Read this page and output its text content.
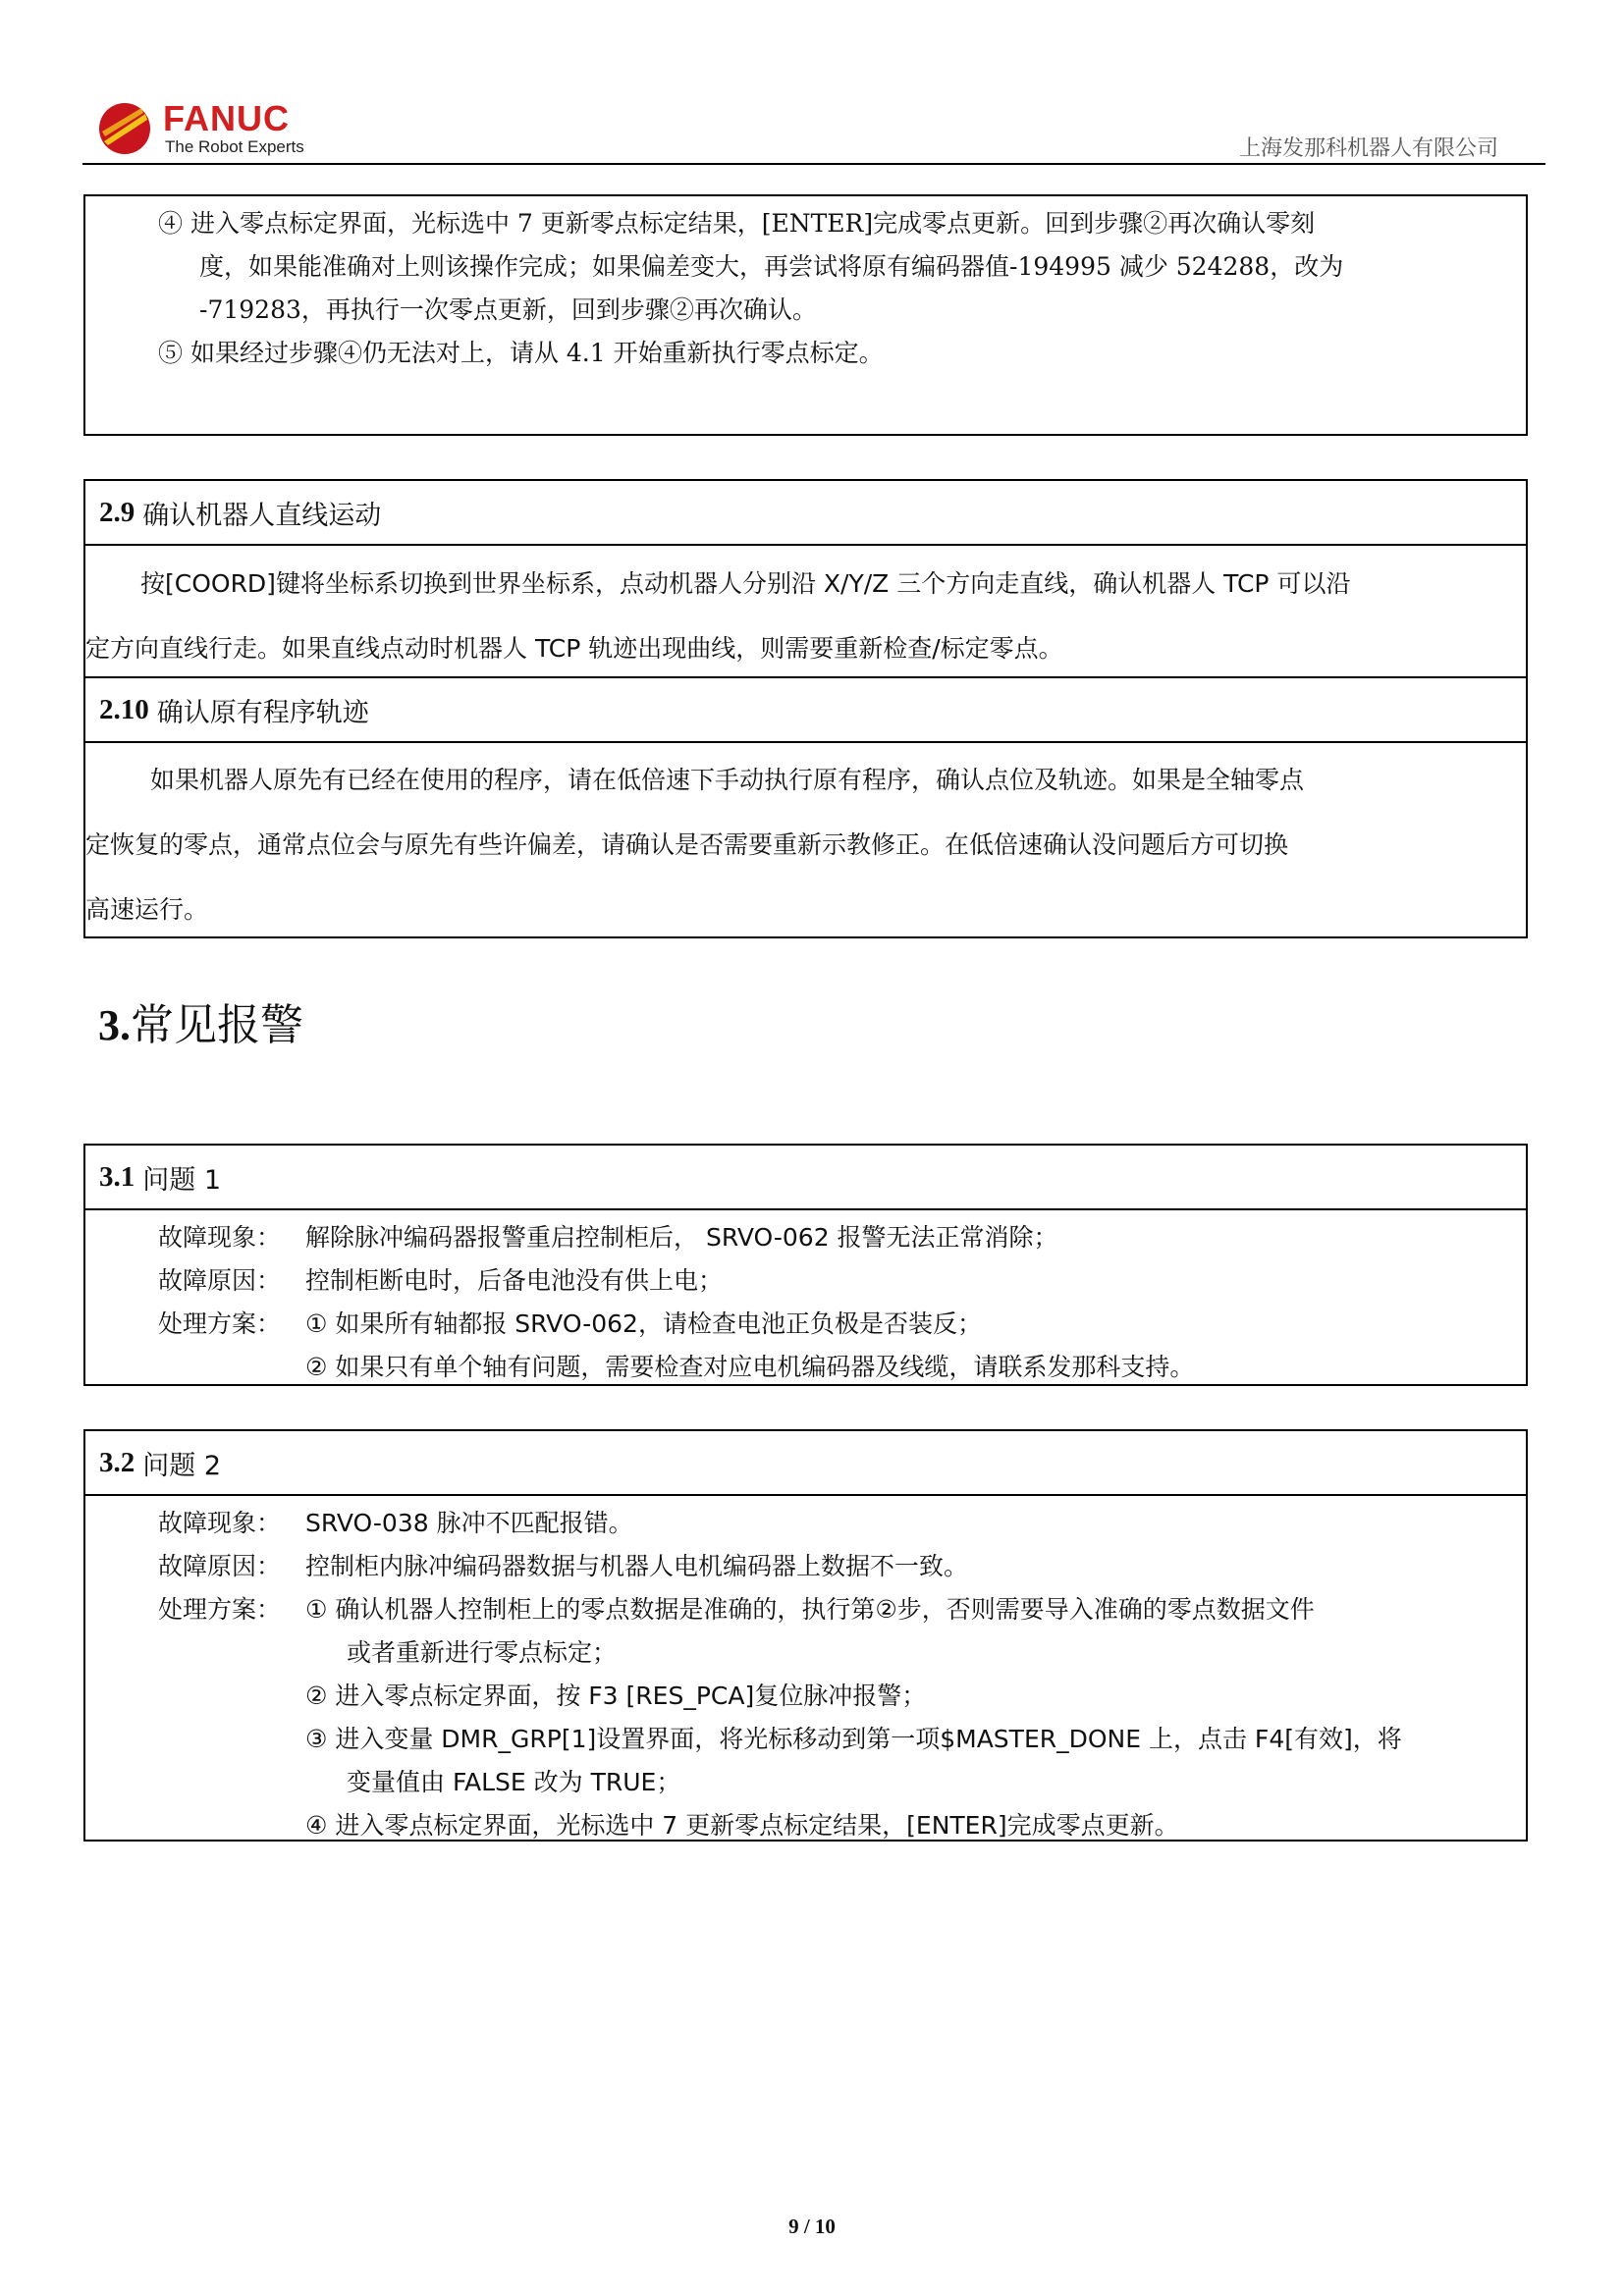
FANUC
The Robot Experts	上海发那科机器人有限公司
④ 进入零点标定界面，光标选中 7 更新零点标定结果，[ENTER]完成零点更新。回到步骤②再次确认零刻
度，如果能准确对上则该操作完成；如果偏差变大，再尝试将原有编码器值-194995 减少 524288，改为
-719283，再执行一次零点更新，回到步骤②再次确认。
⑤ 如果经过步骤④仍无法对上，请从 4.1 开始重新执行零点标定。
2.9 确认机器人直线运动
按[COORD]键将坐标系切换到世界坐标系，点动机器人分别沿 X/Y/Z 三个方向走直线，确认机器人 TCP 可以沿
定方向直线行走。如果直线点动时机器人 TCP 轨迹出现曲线，则需要重新检查/标定零点。
2.10 确认原有程序轨迹
如果机器人原先有已经在使用的程序，请在低倍速下手动执行原有程序，确认点位及轨迹。如果是全轴零点
定恢复的零点，通常点位会与原先有些许偏差，请确认是否需要重新示教修正。在低倍速确认没问题后方可切换
高速运行。
3.常见报警
3.1 问题 1
故障现象： 解除脉冲编码器报警重启控制柜后， SRVO-062 报警无法正常消除；
故障原因： 控制柜断电时，后备电池没有供上电；
处理方案： ① 如果所有轴都报 SRVO-062，请检查电池正负极是否装反；
② 如果只有单个轴有问题，需要检查对应电机编码器及线缆，请联系发那科支持。
3.2 问题 2
故障现象： SRVO-038 脉冲不匹配报错。
故障原因： 控制柜内脉冲编码器数据与机器人电机编码器上数据不一致。
处理方案： ① 确认机器人控制柜上的零点数据是准确的，执行第②步，否则需要导入准确的零点数据文件
或者重新进行零点标定；
② 进入零点标定界面，按 F3 [RES_PCA]复位脉冲报警；
③ 进入变量 DMR_GRP[1]设置界面，将光标移动到第一项$MASTER_DONE 上，点击 F4[有效]，将
变量值由 FALSE 改为 TRUE；
④ 进入零点标定界面，光标选中 7 更新零点标定结果，[ENTER]完成零点更新。
9 / 10
